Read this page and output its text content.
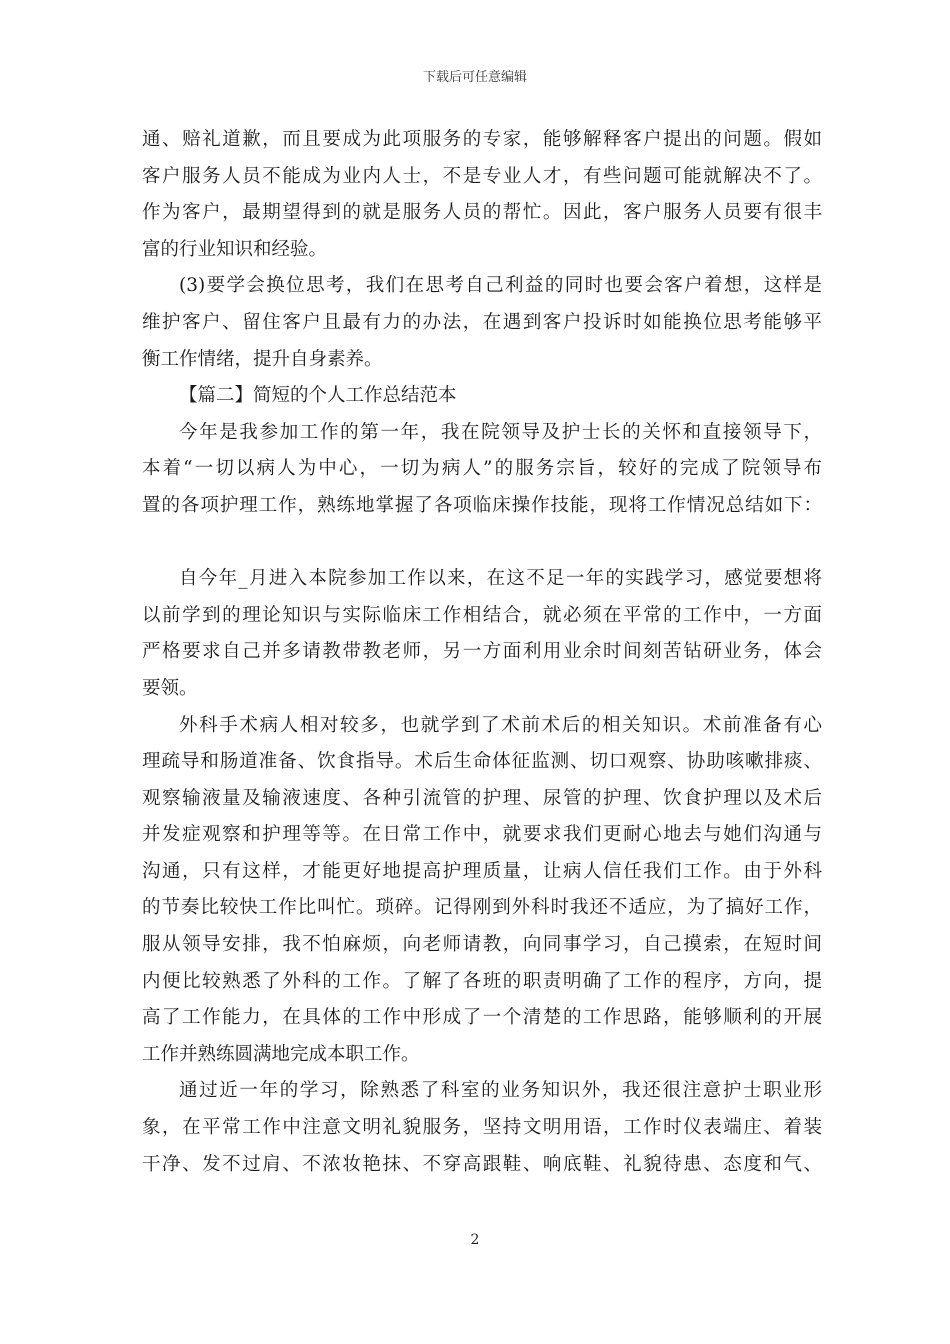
下载后可任意编辑
通、赔礼道歉，而且要成为此项服务的专家，能够解释客户提出的问题。假如
客户服务人员不能成为业内人士，不是专业人才，有些问题可能就解决不了。
作为客户，最期望得到的就是服务人员的帮忙。因此，客户服务人员要有很丰
富的行业知识和经验。
(3)要学会换位思考，我们在思考自己利益的同时也要会客户着想，这样是
维护客户、留住客户且最有力的办法，在遇到客户投诉时如能换位思考能够平
衡工作情绪，提升自身素养。
【篇二】简短的个人工作总结范本
今年是我参加工作的第一年，我在院领导及护士长的关怀和直接领导下，
本着“一切以病人为中心，一切为病人”的服务宗旨，较好的完成了院领导布
置的各项护理工作，熟练地掌握了各项临床操作技能，现将工作情况总结如下：
自今年_月进入本院参加工作以来，在这不足一年的实践学习，感觉要想将
以前学到的理论知识与实际临床工作相结合，就必须在平常的工作中，一方面
严格要求自己并多请教带教老师，另一方面利用业余时间刻苦钻研业务，体会
要领。
外科手术病人相对较多，也就学到了术前术后的相关知识。术前准备有心
理疏导和肠道准备、饮食指导。术后生命体征监测、切口观察、协助咳嗽排痰、
观察输液量及输液速度、各种引流管的护理、尿管的护理、饮食护理以及术后
并发症观察和护理等等。在日常工作中，就要求我们更耐心地去与她们沟通与
沟通，只有这样，才能更好地提高护理质量，让病人信任我们工作。由于外科
的节奏比较快工作比叫忙。琐碎。记得刚到外科时我还不适应，为了搞好工作，
服从领导安排，我不怕麻烦，向老师请教，向同事学习，自己摸索，在短时间
内便比较熟悉了外科的工作。了解了各班的职责明确了工作的程序，方向，提
高了工作能力，在具体的工作中形成了一个清楚的工作思路，能够顺利的开展
工作并熟练圆满地完成本职工作。
通过近一年的学习，除熟悉了科室的业务知识外，我还很注意护士职业形
象，在平常工作中注意文明礼貌服务，坚持文明用语，工作时仪表端庄、着装
干净、发不过肩、不浓妆艳抹、不穿高跟鞋、响底鞋、礼貌待患、态度和气、
2
